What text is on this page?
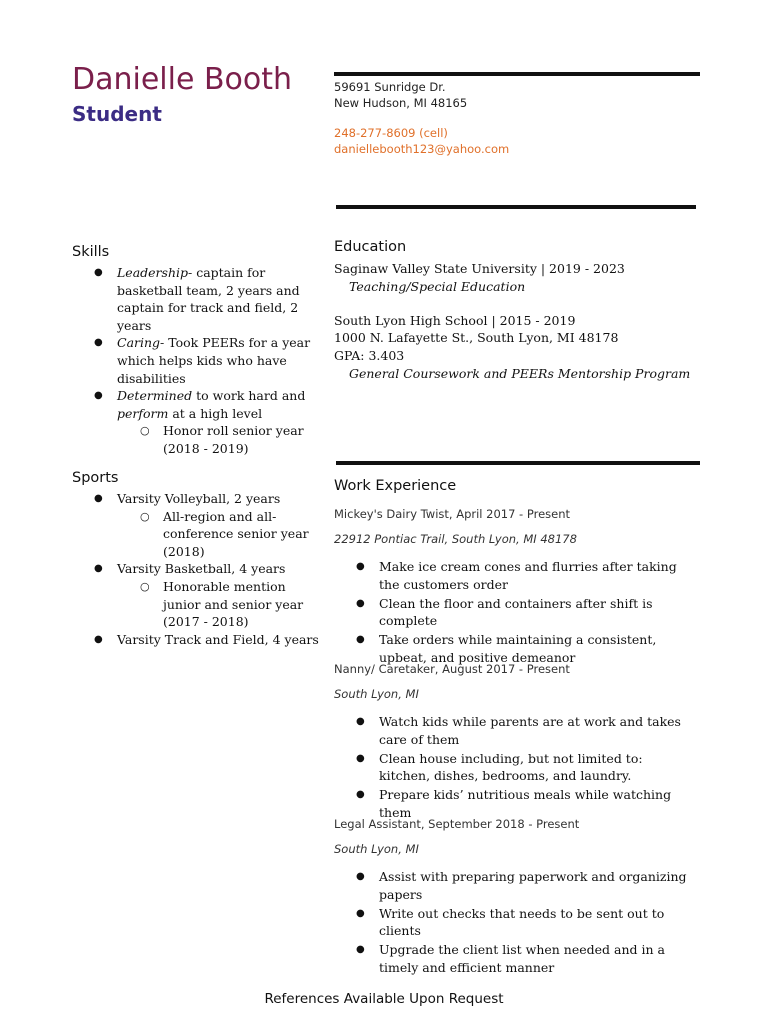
Danielle Booth
Student
59691 Sunridge Dr.
New Hudson, MI 48165
248-277-8609 (cell)
daniellebooth123@yahoo.com
Skills
● Leadership- captain for basketball team, 2 years and captain for track and field, 2 years
● Caring- Took PEERs for a year which helps kids who have disabilities
● Determined to work hard and perform at a high level
○ Honor roll senior year (2018 - 2019)
Sports
● Varsity Volleyball, 2 years
○ All-region and all-conference senior year (2018)
● Varsity Basketball, 4 years
○ Honorable mention junior and senior year (2017 - 2018)
● Varsity Track and Field, 4 years
Education
Saginaw Valley State University | 2019 - 2023
Teaching/Special Education
South Lyon High School | 2015 - 2019
1000 N. Lafayette St., South Lyon, MI 48178
GPA: 3.403
General Coursework and PEERs Mentorship Program
Work Experience
Mickey's Dairy Twist, April 2017 - Present
22912 Pontiac Trail, South Lyon, MI 48178
● Make ice cream cones and flurries after taking the customers order
● Clean the floor and containers after shift is complete
● Take orders while maintaining a consistent, upbeat, and positive demeanor
Nanny/ Caretaker, August 2017 - Present
South Lyon, MI
● Watch kids while parents are at work and takes care of them
● Clean house including, but not limited to: kitchen, dishes, bedrooms, and laundry.
● Prepare kids’ nutritious meals while watching them
Legal Assistant, September 2018 - Present
South Lyon, MI
● Assist with preparing paperwork and organizing papers
● Write out checks that needs to be sent out to clients
● Upgrade the client list when needed and in a timely and efficient manner
References Available Upon Request
